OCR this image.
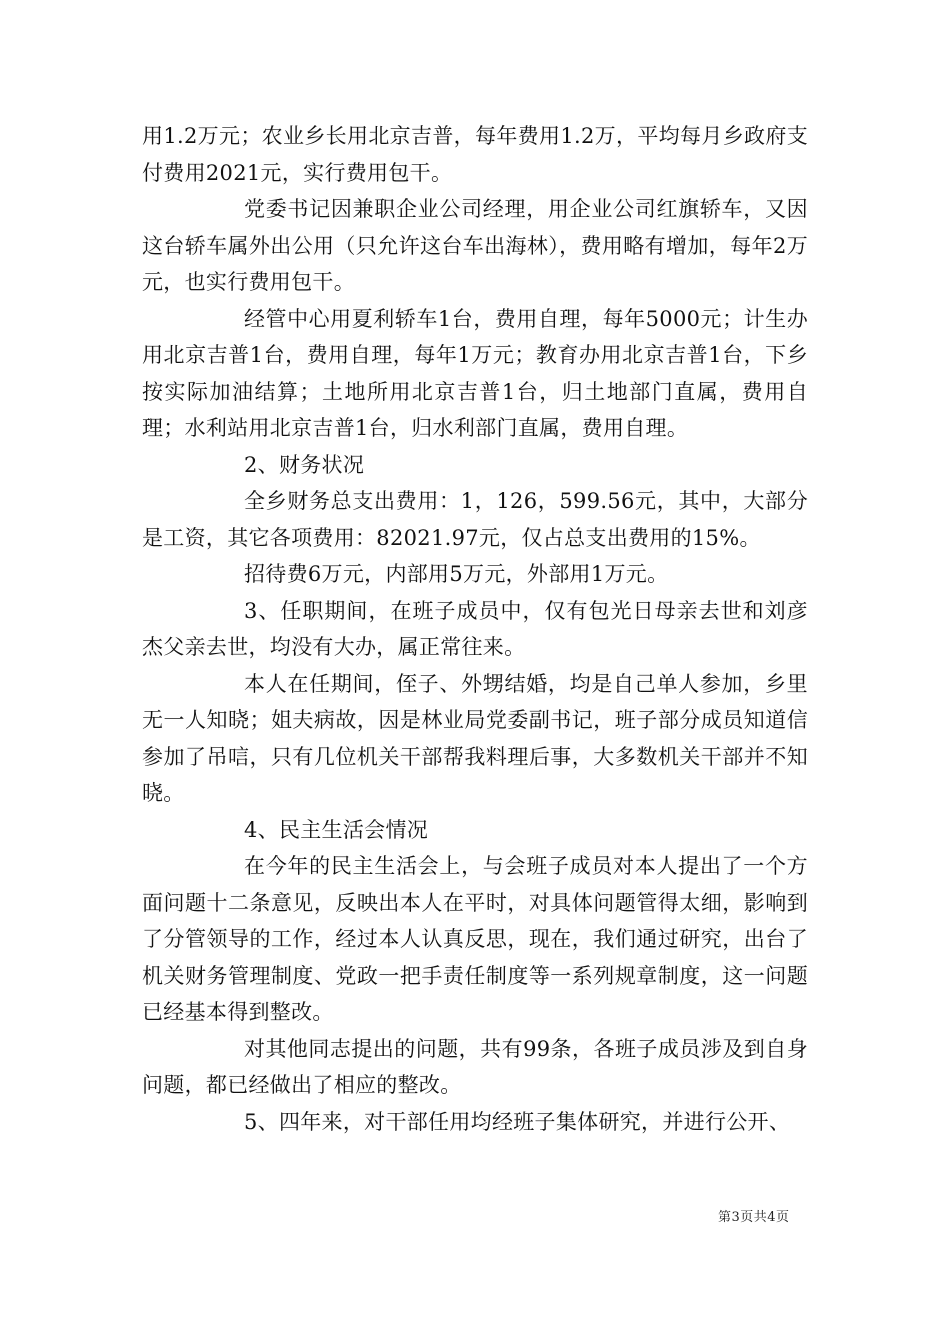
用1.2万元；农业乡长用北京吉普，每年费用1.2万，平均每月乡政府支付费用2021元，实行费用包干。

党委书记因兼职企业公司经理，用企业公司红旗轿车，又因这台轿车属外出公用（只允许这台车出海林），费用略有增加，每年2万元，也实行费用包干。

经管中心用夏利轿车1台，费用自理，每年5000元；计生办用北京吉普1台，费用自理，每年1万元；教育办用北京吉普1台，下乡按实际加油结算；土地所用北京吉普1台，归土地部门直属，费用自理；水利站用北京吉普1台，归水利部门直属，费用自理。

2、财务状况

全乡财务总支出费用：1，126，599.56元，其中，大部分是工资，其它各项费用：82021.97元，仅占总支出费用的15%。

招待费6万元，内部用5万元，外部用1万元。

3、任职期间，在班子成员中，仅有包光日母亲去世和刘彦杰父亲去世，均没有大办，属正常往来。

本人在任期间，侄子、外甥结婚，均是自己单人参加，乡里无一人知晓；姐夫病故，因是林业局党委副书记，班子部分成员知道信参加了吊唁，只有几位机关干部帮我料理后事，大多数机关干部并不知晓。

4、民主生活会情况

在今年的民主生活会上，与会班子成员对本人提出了一个方面问题十二条意见，反映出本人在平时，对具体问题管得太细，影响到了分管领导的工作，经过本人认真反思，现在，我们通过研究，出台了机关财务管理制度、党政一把手责任制度等一系列规章制度，这一问题已经基本得到整改。

对其他同志提出的问题，共有99条，各班子成员涉及到自身问题，都已经做出了相应的整改。

5、四年来，对干部任用均经班子集体研究，并进行公开、

第3页共4页
